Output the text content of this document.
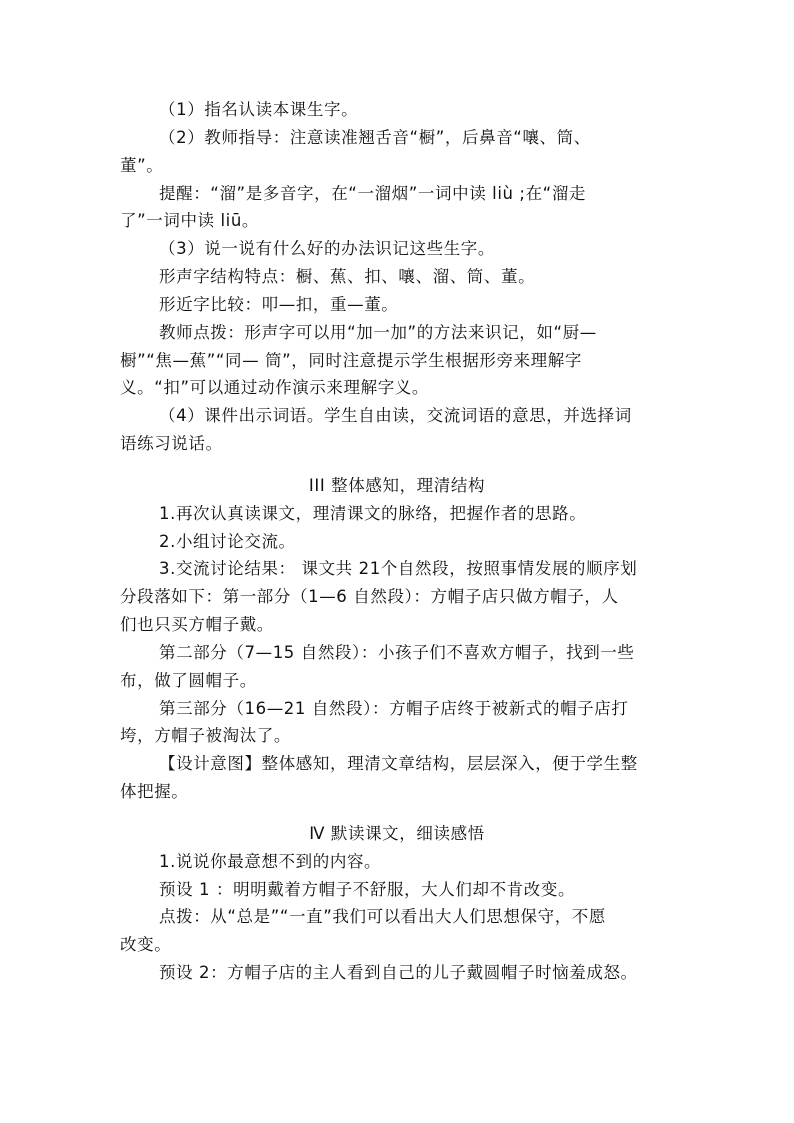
（1）指名认读本课生字。
（2）教师指导：注意读准翘舌音“橱”，后鼻音“嚷、筒、
董”。
提醒：“溜”是多音字，在“一溜烟”一词中读 liù ;在“溜走
了”一词中读 liū。
（3）说一说有什么好的办法识记这些生字。
形声字结构特点：橱、蕉、扣、嚷、溜、筒、董。
形近字比较：叩—扣，重—董。
教师点拨：形声字可以用“加一加”的方法来识记，如“厨—
橱”“焦—蕉”“同— 筒”，同时注意提示学生根据形旁来理解字
义。“扣”可以通过动作演示来理解字义。
（4）课件出示词语。学生自由读，交流词语的意思，并选择词
语练习说话。
III 整体感知，理清结构
1.再次认真读课文，理清课文的脉络，把握作者的思路。
2.小组讨论交流。
3.交流讨论结果： 课文共 21个自然段，按照事情发展的顺序划
分段落如下：第一部分（1—6 自然段）：方帽子店只做方帽子，人
们也只买方帽子戴。
第二部分（7—15 自然段）：小孩子们不喜欢方帽子，找到一些
布，做了圆帽子。
第三部分（16—21 自然段）：方帽子店终于被新式的帽子店打
垮，方帽子被淘汰了。
【设计意图】整体感知，理清文章结构，层层深入，便于学生整
体把握。
Ⅳ 默读课文，细读感悟
1.说说你最意想不到的内容。
预设 1 ：明明戴着方帽子不舒服，大人们却不肯改变。
点拨：从“总是”“一直”我们可以看出大人们思想保守，不愿
改变。
预设 2：方帽子店的主人看到自己的儿子戴圆帽子时恼羞成怒。
